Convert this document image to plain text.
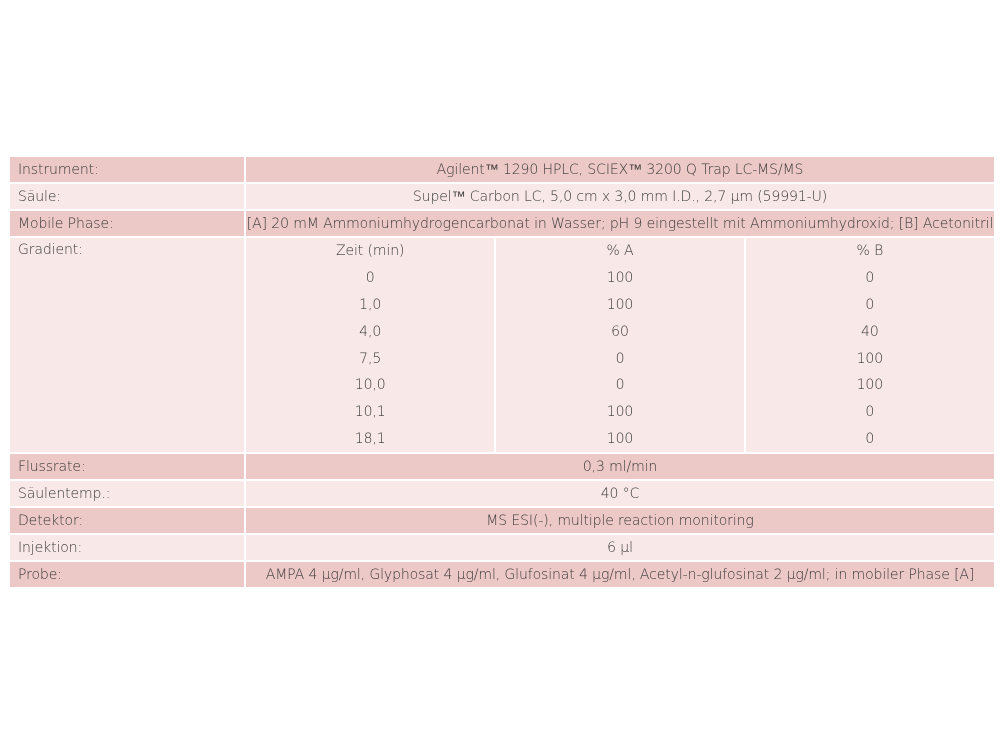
Instrument:	Agilent™ 1290 HPLC, SCIEX™ 3200 Q Trap LC-MS/MS
Säule:	Supel™ Carbon LC, 5,0 cm x 3,0 mm I.D., 2,7 µm (59991-U)
Mobile Phase:	[A] 20 mM Ammoniumhydrogencarbonat in Wasser; pH 9 eingestellt mit Ammoniumhydroxid; [B] Acetonitril
Gradient:		Zeit (min)	% A	% B
0	100	0
1,0	100	0
4,0	60	40
7,5	0	100
10,0	0	100
10,1	100	0
18,1	100	0

Flussrate:	0,3 ml/min
Säulentemp.:	40 °C
Detektor:	MS ESI(-), multiple reaction monitoring
Injektion:	6 µl
Probe:	AMPA 4 µg/ml, Glyphosat 4 µg/ml, Glufosinat 4 µg/ml, Acetyl-n-glufosinat 2 µg/ml; in mobiler Phase [A]
